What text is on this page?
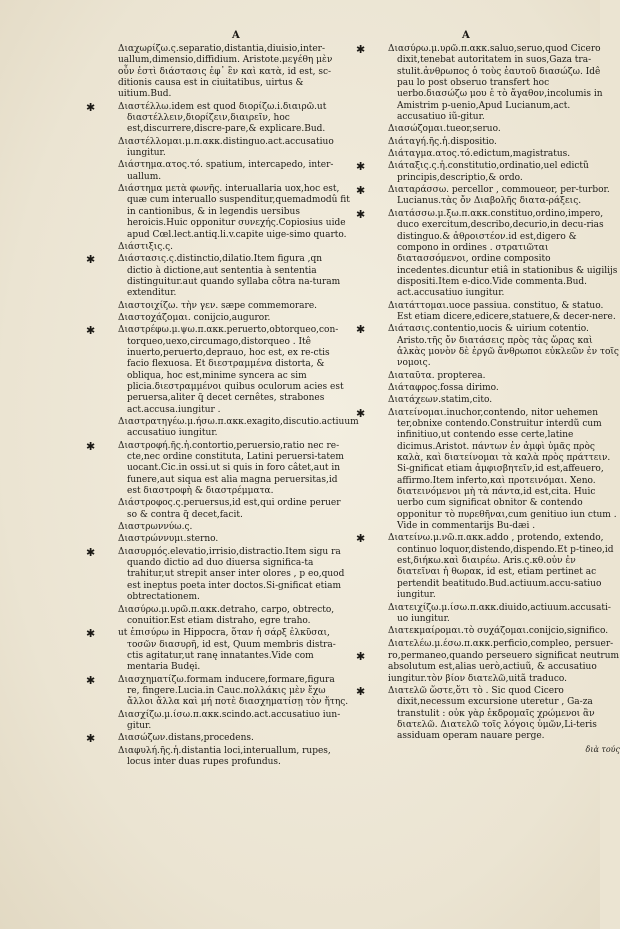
A	A
Διαχωρίζω.ς.separatio,distantia,diuisio,inter-uallum,dimensio,diffidium. Aristote.μεγέθη μὲν οὖν ἐστὶ διάστασις ἐφ᾽ ἓν καὶ κατὰ, id est, sc-ditionis causa est in ciuitatibus, uirtus & uitium.Bud.
✱	Διαστέλλω.idem est quod διορίζω.i.διαιρῶ.ut διαστέλλειν,διορίζειν,διαιρεῖν, hoc est,discurrere,discre-pare,& explicare.Bud.
Διαστέλλομαι.μ.π.ακκ.distinguo.act.accusatiuo iungitur.
Διάστημα.ατος.τό. spatium, intercapedo, inter-uallum.
Διάστημα μετὰ φωνῆς. interuallaria uox,hoc est, quæ cum interuallo suspenditur,quemadmodû fit in cantionibus, & in legendis uersibus heroicis.Huic opponitur συνεχής.Copiosius uide apud Cœl.lect.antiq.li.v.capite uige-simo quarto.
Διάστιξις.ς.
✱	Διάστασις.ς.distinctio,dilatio.Item figura ,qn dictio à dictione,aut sententia à sententia distinguitur.aut quando syllaba cõtra na-turam extenditur.
Διαστοιχίζω. τὴν γεν. sæpe commemorare.
Διαστοχάζομαι. conijcio,auguror.
✱	Διαστρέφω.μ.ψω.π.ακκ.peruerto,obtorqueo,con-torqueo,uexo,circumago,distorqueo . Itê inuerto,peruerto,deprauo, hoc est, ex re-ctis facio flexuosa. Et διεστραμμένα distorta, & obliqua, hoc est,minime syncera ac sim plicia.διεστραμμένοι quibus oculorum acies est peruersa,aliter q̃ decet cernêtes, strabones act.accusa.iungitur .
Διαστρατηγέω.μ.ήσω.π.ακκ.exagito,discutio.actiuum accusatiuo iungitur.
✱	Διαστροφή.ῆς.ἡ.contortio,peruersio,ratio nec re-cte,nec ordine constituta, Latini peruersi-tatem uocant.Cic.in ossi.ut si quis in foro câtet,aut in funere,aut siqua est alia magna peruersitas,id est διαστροφὴ & διαστρέμματα.
Διάστροφος.ς.peruersus,id est,qui ordine peruer so & contra q̃ decet,facit.
Διαστρωννύω.ς.
Διαστρώννυμι.sterno.
✱	Διασυρμός.elevatio,irrisio,distractio.Item sigu ra quando dictio ad duo diuersa significa-ta trahitur,ut strepit anser inter olores , p eo,quod est ineptus poeta inter doctos.Si-gnificat etiam obtrectationem.
Διασύρω.μ.υρῶ.π.ακκ.detraho, carpo, obtrecto, conuitior.Est etiam distraho, egre traho.
✱	ut ἐπισύρω in Hippocra, ὅταν ἡ σάρξ ἐλκῦσαι, τοσῶν διασυρῆ, id est, Quum membris distra-ctis agitatur,ut ranę innatantes.Vide com mentaria Budęi.
✱	Διασχηματίζω.formam inducere,formare,figura re, fingere.Lucia.in Cauc.πολλάκις μὲν ἔχω ἄλλοι ἄλλα καὶ μή ποτὲ διασχηματίσῃ τὸν ἤτης.
Διασχίζω.μ.ίσω.π.ακκ.scindo.act.accusatiuo iun-gitur.
✱	Διασώζων.distans,procedens.
Διαφυλή.ῆς.ἡ.distantia loci,interuallum, rupes, locus inter duas rupes profundus.
✱	Διασύρω.μ.υρῶ.π.ακκ.saluo,seruo,quod Cicero dixit,tenebat autoritatem in suos,Gaza tra-stulit.ἀνθρωπος ὁ τοὺς ἑαυτοῦ διασώζω. Idê pau lo post obseruo transfert hoc uerbo.διασώζω μου ἑ τὸ ἄγαθον,incolumis in Amistrim p-uenio,Apud Lucianum,act. accusatiuo iũ-gitur.
Διασώζομαι.tueor,seruo.
Διάταγή.ῆς.ἡ.dispositio.
Διάταγμα.ατος.τό.edictum,magistratus.
✱	Διάταξις.ς.ἡ.constitutio,ordinatio,uel edictũ principis,descriptio,& ordo.
✱	Διαταράσσω. percellor , commoueor, per-turbor. Lucianus.τὰς ὄν Διαβολῆς διατα-ράξεις.
✱	Διατάσσω.μ.ξω.π.ακκ.constituo,ordino,impero, duco exercitum,describo,decurio,in decu-rias distinguo.& ἀθροιστέον.id est,digero & compono in ordines . στρατιῶται διατασσόμενοι, ordine composito incedentes.dicuntur etiâ in stationibus & uigilijs dispositi.Item e-dico.Vide commenta.Bud. act.accusatiuo iungitur.
Διατάττομαι.uoce passiua. constituo, & statuo. Est etiam dicere,edicere,statuere,& decer-nere.
✱	Διάτασις.contentio,uocis & uirium cotentio. Aristo.τῆς ὄν διατάσεις πρὸς τὰς ὥρας καὶ ἀλκὰς μονὸν δὲ ἐργῶ ἄνθρωποι εὐκλεῶν ἐν τοῖς νομοις.
Διαταῦτα. propterea.
Διάταφρος.fossa dirimo.
Διατάχεων.statim,cito.
✱	Διατείνομαι.inuchor,contendo, nitor uehemen ter,obnixe contendo.Construitur interdũ cum infinitiuo,ut contendo esse certe,latine dicimus.Aristot. πάντων ἐν ἀμφὶ ὑμᾶς πρὸς καλὰ, καὶ διατείνομαι τὰ καλὰ πρὸς πράττειν. Si-gnificat etiam ἀμφισβητεῖν,id est,affeuero, affirmo.Item inferto,καὶ προτεινόμαι. Xeno. διατεινόμενοι μὴ τὰ πάντα,id est,cita. Huic uerbo cum significat obnitor & contendo opponitur τὸ πυρεθῆναι,cum genitiuo iun ctum . Vide in commentarijs Bu-dæi .
✱	Διατείνω.μ.νῶ.π.ακκ.addo , protendo, extendo, continuo loquor,distendo,dispendo.Et p-tineo,id est,διήκω.καὶ διαιρέω. Aris.ς.κθ.οὐν ἐν διατεῖναι ἡ θωρακ, id est, etiam pertinet ac pertendit beatitudo.Bud.actiuum.accu-satiuo iungitur.
Διατειχίζω.μ.ίσω.π.ακκ.diuido,actiuum.accusati-uo iungitur.
Διατεκμαίρομαι.τὸ συχάζομαι.conijcio,significo.
Διατελέω.μ.έσω.π.ακκ.perficio,compleo, persuer-
✱	ro,permaneo,quando perseuero significat neutrum absolutum est,alias uerò,actiuũ, & accusatiuo iungitur.τὸν βίον διατελῶ,uitã traduco.
✱	Διατελῶ ὥστε,ὅτι τὸ . Sic quod Cicero dixit,necessum excursione uteretur , Ga-za transtulit : οὐκ γὰρ ἐκδρομαῖς χρώμενοι ἂν διατελῶ. Διατελῶ τοῖς λόγοις ὑμῶν,Li-teris assiduam operam nauare perge.
διὰ τούς
